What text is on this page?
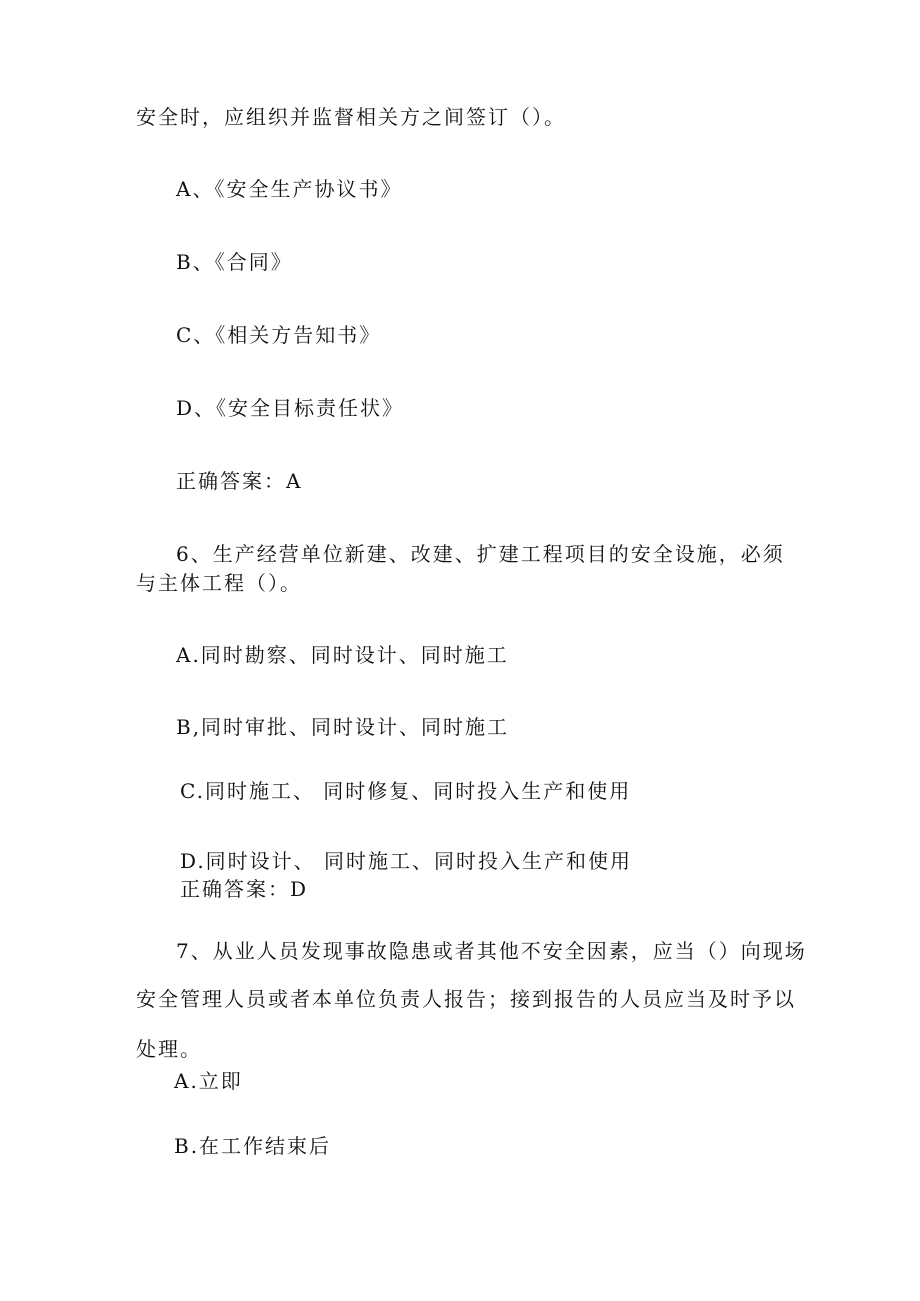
安全时，应组织并监督相关方之间签订（）。
A、《安全生产协议书》
B、《合同》
C、《相关方告知书》
D、《安全目标责任状》
正确答案：A
6、生产经营单位新建、改建、扩建工程项目的安全设施，必须
与主体工程（）。
A.同时勘察、同时设计、同时施工
B,同时审批、同时设计、同时施工
C.同时施工、 同时修复、同时投入生产和使用
D.同时设计、 同时施工、同时投入生产和使用
正确答案：D
7、从业人员发现事故隐患或者其他不安全因素，应当（）向现场
安全管理人员或者本单位负责人报告；接到报告的人员应当及时予以
处理。
A.立即
B.在工作结束后
